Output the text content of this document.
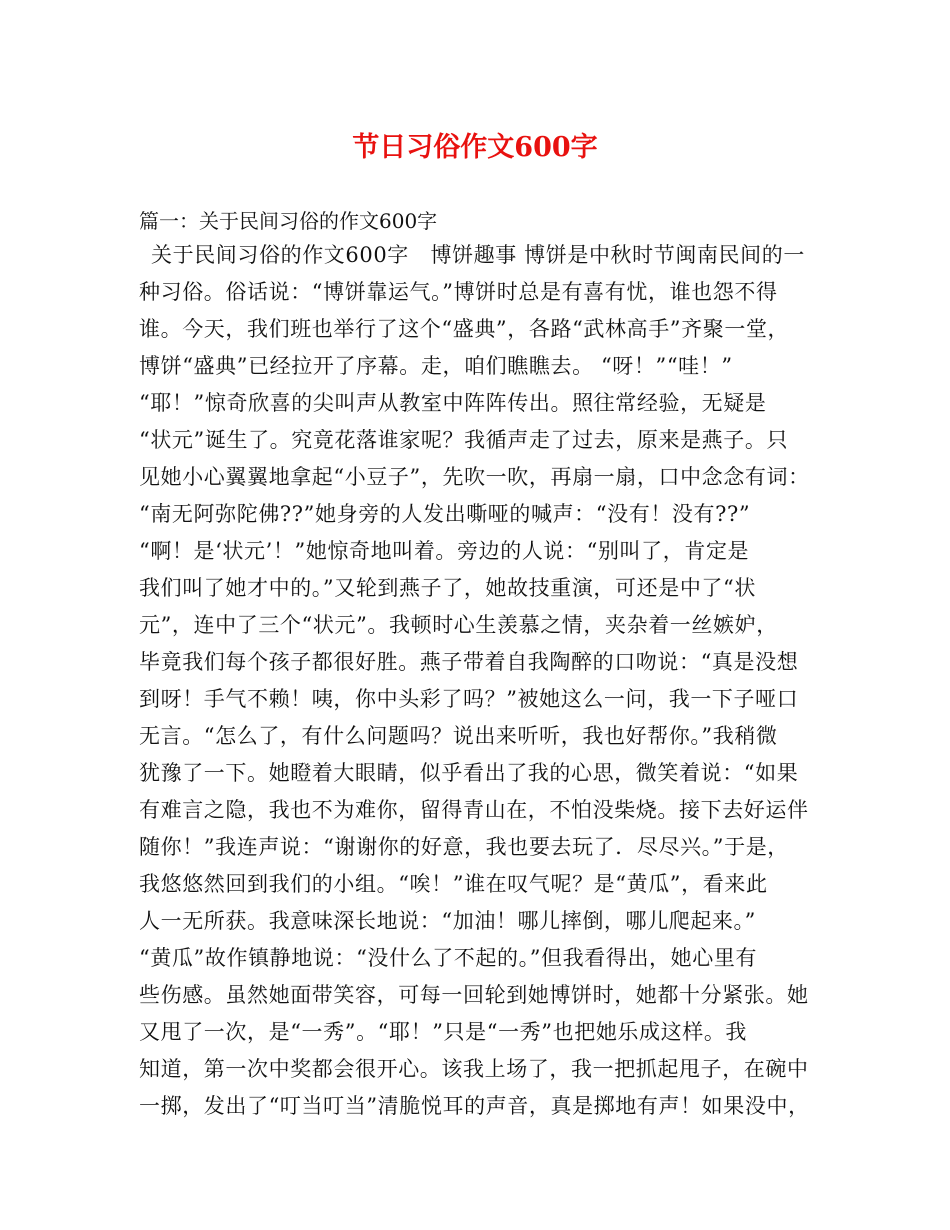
节日习俗作文600字

篇一：关于民间习俗的作文600字

关于民间习俗的作文600字　博饼趣事 博饼是中秋时节闽南民间的一
种习俗。俗话说：“博饼靠运气。”博饼时总是有喜有忧，谁也怨不得
谁。今天，我们班也举行了这个“盛典”，各路“武林高手”齐聚一堂，
博饼“盛典”已经拉开了序幕。走，咱们瞧瞧去。 “呀！”“哇！”
“耶！”惊奇欣喜的尖叫声从教室中阵阵传出。照往常经验，无疑是
“状元”诞生了。究竟花落谁家呢？我循声走了过去，原来是燕子。只
见她小心翼翼地拿起“小豆子”，先吹一吹，再扇一扇，口中念念有词：
“南无阿弥陀佛??”她身旁的人发出嘶哑的喊声：“没有！没有??”
“啊！是‘状元’！”她惊奇地叫着。旁边的人说：“别叫了，肯定是
我们叫了她才中的。”又轮到燕子了，她故技重演，可还是中了“状
元”，连中了三个“状元”。我顿时心生羡慕之情，夹杂着一丝嫉妒，
毕竟我们每个孩子都很好胜。燕子带着自我陶醉的口吻说：“真是没想
到呀！手气不赖！咦，你中头彩了吗？”被她这么一问，我一下子哑口
无言。“怎么了，有什么问题吗？说出来听听，我也好帮你。”我稍微
犹豫了一下。她瞪着大眼睛，似乎看出了我的心思，微笑着说：“如果
有难言之隐，我也不为难你，留得青山在，不怕没柴烧。接下去好运伴
随你！”我连声说：“谢谢你的好意，我也要去玩了．尽尽兴。”于是，
我悠悠然回到我们的小组。“唉！”谁在叹气呢？是“黄瓜”，看来此
人一无所获。我意味深长地说：“加油！哪儿摔倒，哪儿爬起来。”
“黄瓜”故作镇静地说：“没什么了不起的。”但我看得出，她心里有
些伤感。虽然她面带笑容，可每一回轮到她博饼时，她都十分紧张。她
又甩了一次，是“一秀”。“耶！”只是“一秀”也把她乐成这样。我
知道，第一次中奖都会很开心。该我上场了，我一把抓起甩子，在碗中
一掷，发出了“叮当叮当”清脆悦耳的声音，真是掷地有声！如果没中，
